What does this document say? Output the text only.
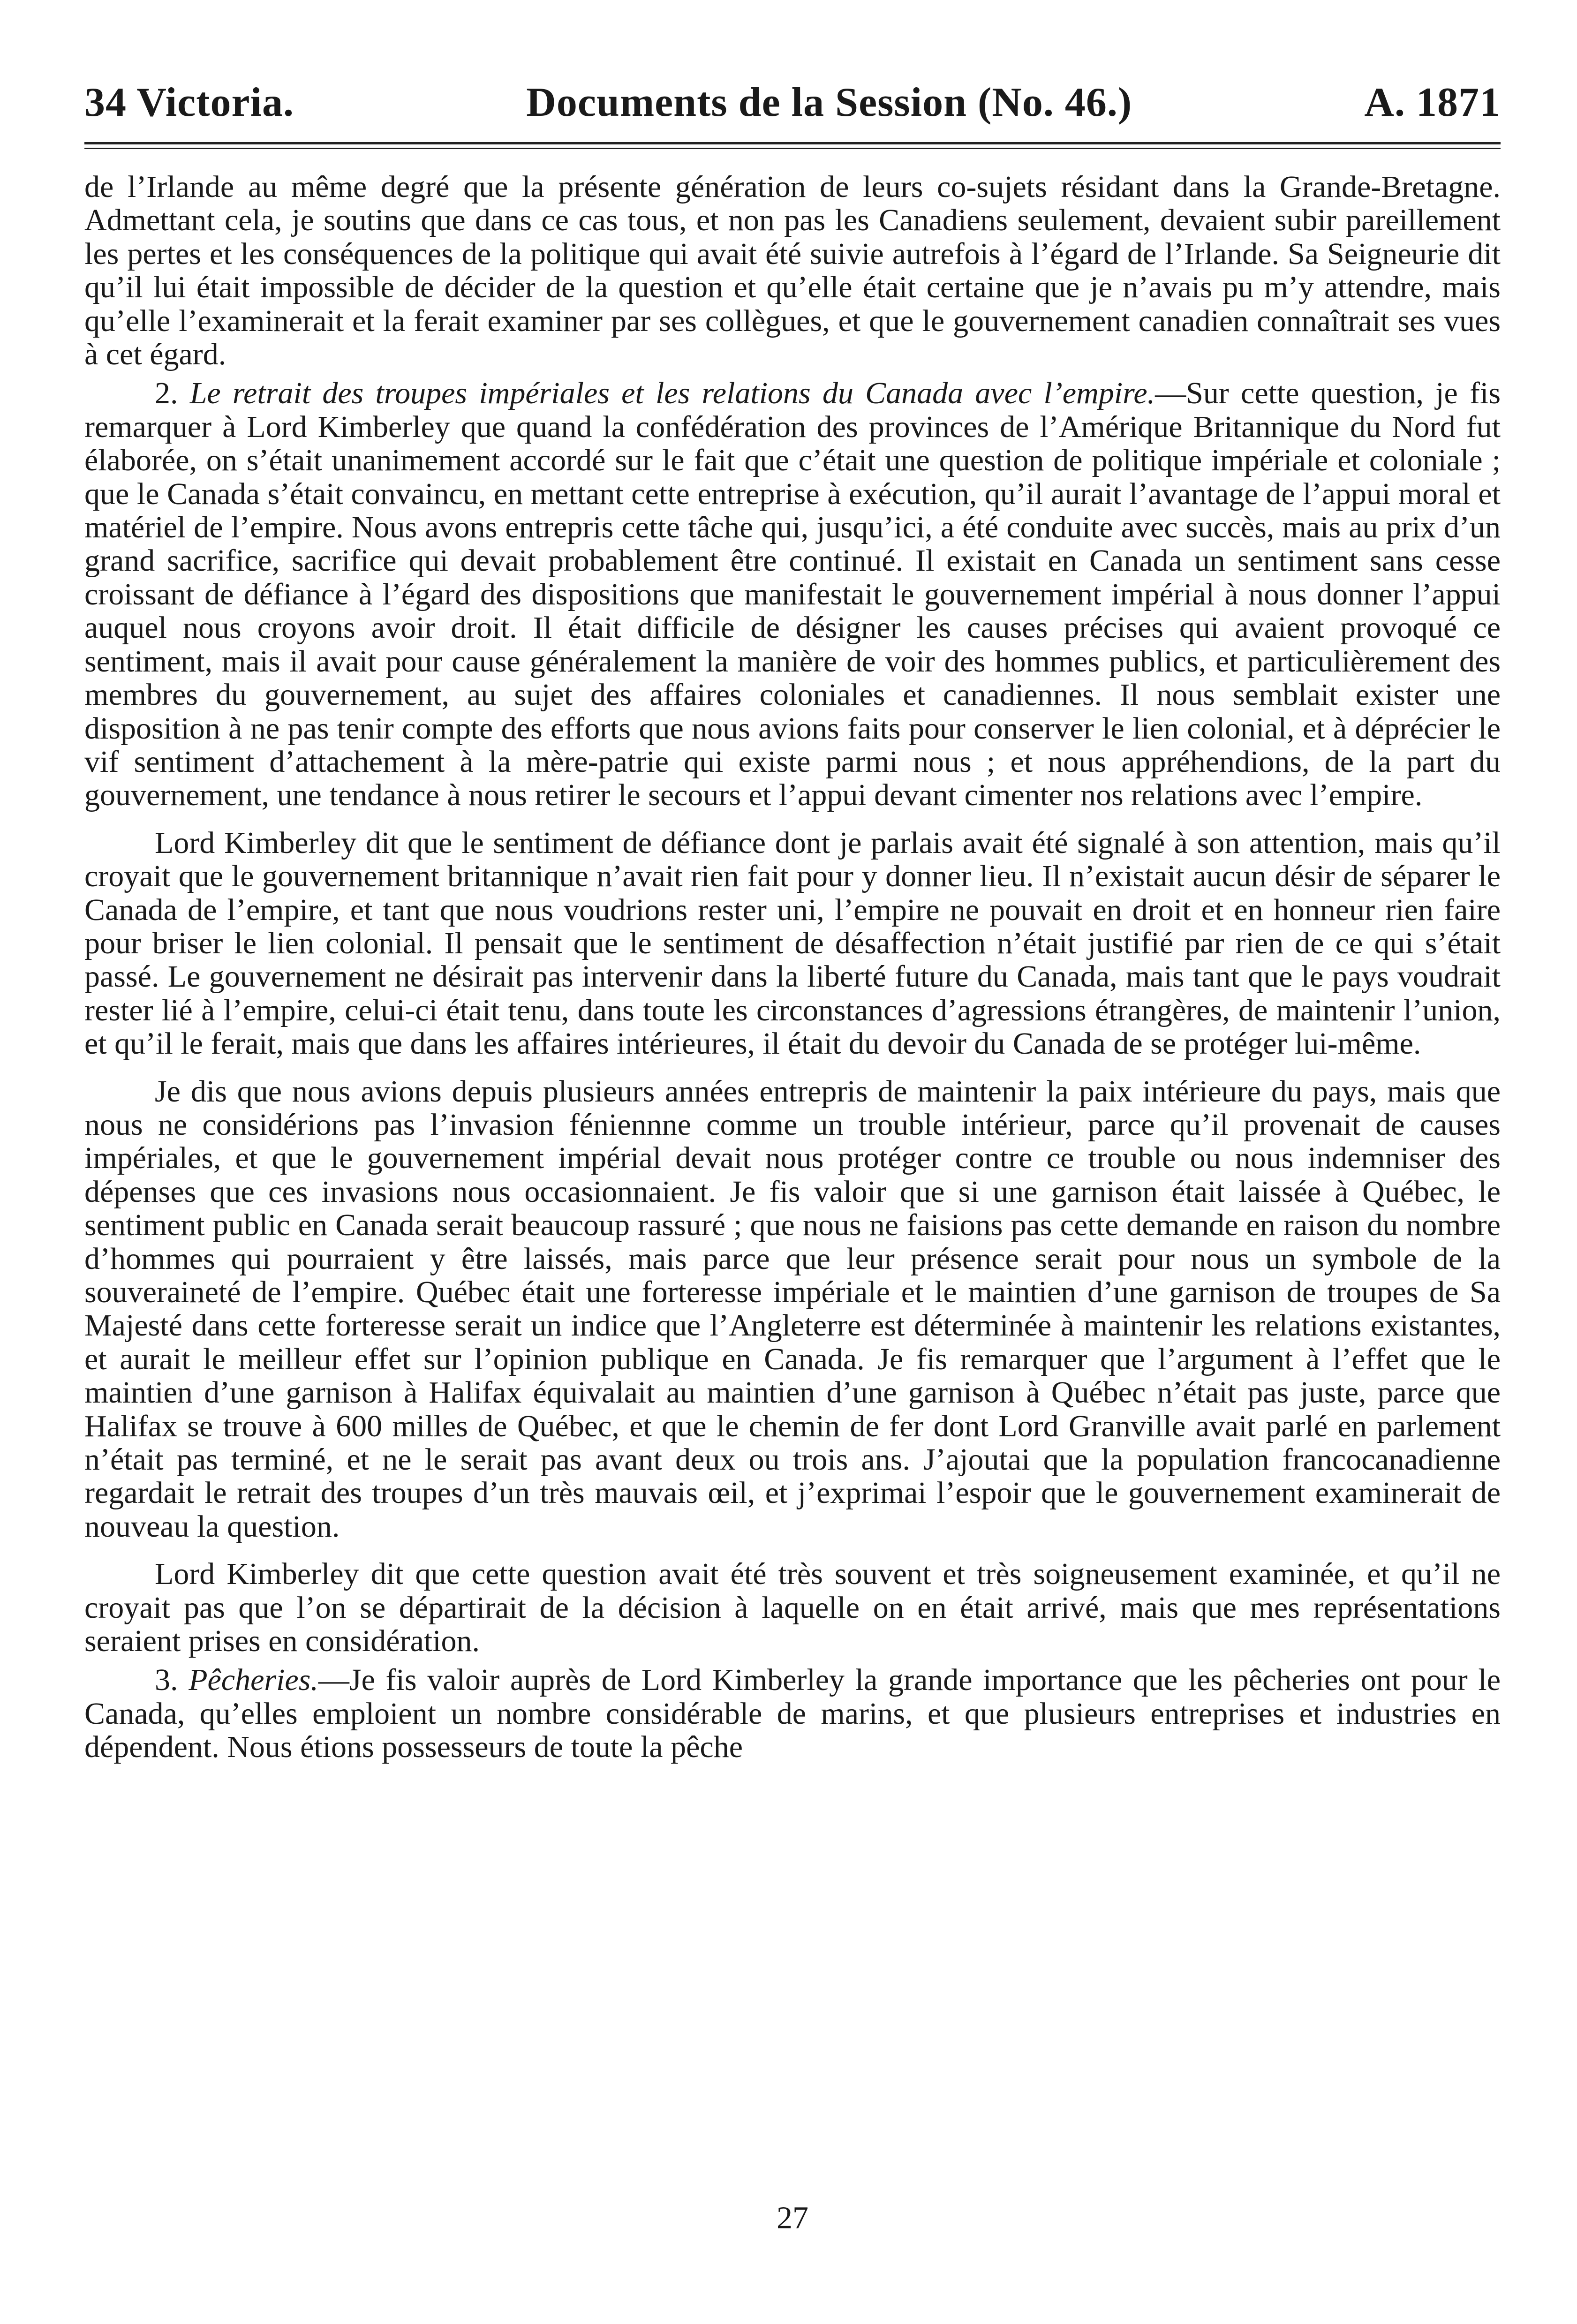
34 Victoria.	Documents de la Session (No. 46.)	A. 1871

de l’Irlande au même degré que la présente génération de leurs co-sujets résidant dans la Grande-Bretagne. Admettant cela, je soutins que dans ce cas tous, et non pas les Canadiens seulement, devaient subir pareillement les pertes et les conséquences de la politique qui avait été suivie autrefois à l’égard de l’Irlande. Sa Seigneurie dit qu’il lui était impossible de décider de la question et qu’elle était certaine que je n’avais pu m’y attendre, mais qu’elle l’examinerait et la ferait examiner par ses collègues, et que le gouvernement canadien connaîtrait ses vues à cet égard.

2. Le retrait des troupes impériales et les relations du Canada avec l’empire.—Sur cette question, je fis remarquer à Lord Kimberley que quand la confédération des provinces de l’Amérique Britannique du Nord fut élaborée, on s’était unanimement accordé sur le fait que c’était une question de politique impériale et coloniale ; que le Canada s’était convaincu, en mettant cette entreprise à exécution, qu’il aurait l’avantage de l’appui moral et matériel de l’empire. Nous avons entrepris cette tâche qui, jusqu’ici, a été conduite avec succès, mais au prix d’un grand sacrifice, sacrifice qui devait probablement être continué. Il existait en Canada un sentiment sans cesse croissant de défiance à l’égard des dispositions que manifestait le gouvernement impérial à nous donner l’appui auquel nous croyons avoir droit. Il était difficile de désigner les causes précises qui avaient provoqué ce sentiment, mais il avait pour cause généralement la manière de voir des hommes publics, et particulièrement des membres du gouvernement, au sujet des affaires coloniales et canadiennes. Il nous semblait exister une disposition à ne pas tenir compte des efforts que nous avions faits pour conserver le lien colonial, et à déprécier le vif sentiment d’attachement à la mère-patrie qui existe parmi nous ; et nous appréhendions, de la part du gouvernement, une tendance à nous retirer le secours et l’appui devant cimenter nos relations avec l’empire.

Lord Kimberley dit que le sentiment de défiance dont je parlais avait été signalé à son attention, mais qu’il croyait que le gouvernement britannique n’avait rien fait pour y donner lieu. Il n’existait aucun désir de séparer le Canada de l’empire, et tant que nous voudrions rester uni, l’empire ne pouvait en droit et en honneur rien faire pour briser le lien colonial. Il pensait que le sentiment de désaffection n’était justifié par rien de ce qui s’était passé. Le gouvernement ne désirait pas intervenir dans la liberté future du Canada, mais tant que le pays voudrait rester lié à l’empire, celui-ci était tenu, dans toute les circonstances d’agressions étrangères, de maintenir l’union, et qu’il le ferait, mais que dans les affaires intérieures, il était du devoir du Canada de se protéger lui-même.

Je dis que nous avions depuis plusieurs années entrepris de maintenir la paix intérieure du pays, mais que nous ne considérions pas l’invasion féniennne comme un trouble intérieur, parce qu’il provenait de causes impériales, et que le gouvernement impérial devait nous protéger contre ce trouble ou nous indemniser des dépenses que ces invasions nous occasionnaient. Je fis valoir que si une garnison était laissée à Québec, le sentiment public en Canada serait beaucoup rassuré ; que nous ne faisions pas cette demande en raison du nombre d’hommes qui pourraient y être laissés, mais parce que leur présence serait pour nous un symbole de la souveraineté de l’empire. Québec était une forteresse impériale et le maintien d’une garnison de troupes de Sa Majesté dans cette forteresse serait un indice que l’Angleterre est déterminée à maintenir les relations existantes, et aurait le meilleur effet sur l’opinion publique en Canada. Je fis remarquer que l’argument à l’effet que le maintien d’une garnison à Halifax équivalait au maintien d’une garnison à Québec n’était pas juste, parce que Halifax se trouve à 600 milles de Québec, et que le chemin de fer dont Lord Granville avait parlé en parlement n’était pas terminé, et ne le serait pas avant deux ou trois ans. J’ajoutai que la population francocanadienne regardait le retrait des troupes d’un très mauvais œil, et j’exprimai l’espoir que le gouvernement examinerait de nouveau la question.

Lord Kimberley dit que cette question avait été très souvent et très soigneusement examinée, et qu’il ne croyait pas que l’on se départirait de la décision à laquelle on en était arrivé, mais que mes représentations seraient prises en considération.

3. Pêcheries.—Je fis valoir auprès de Lord Kimberley la grande importance que les pêcheries ont pour le Canada, qu’elles emploient un nombre considérable de marins, et que plusieurs entreprises et industries en dépendent. Nous étions possesseurs de toute la pêche

27
